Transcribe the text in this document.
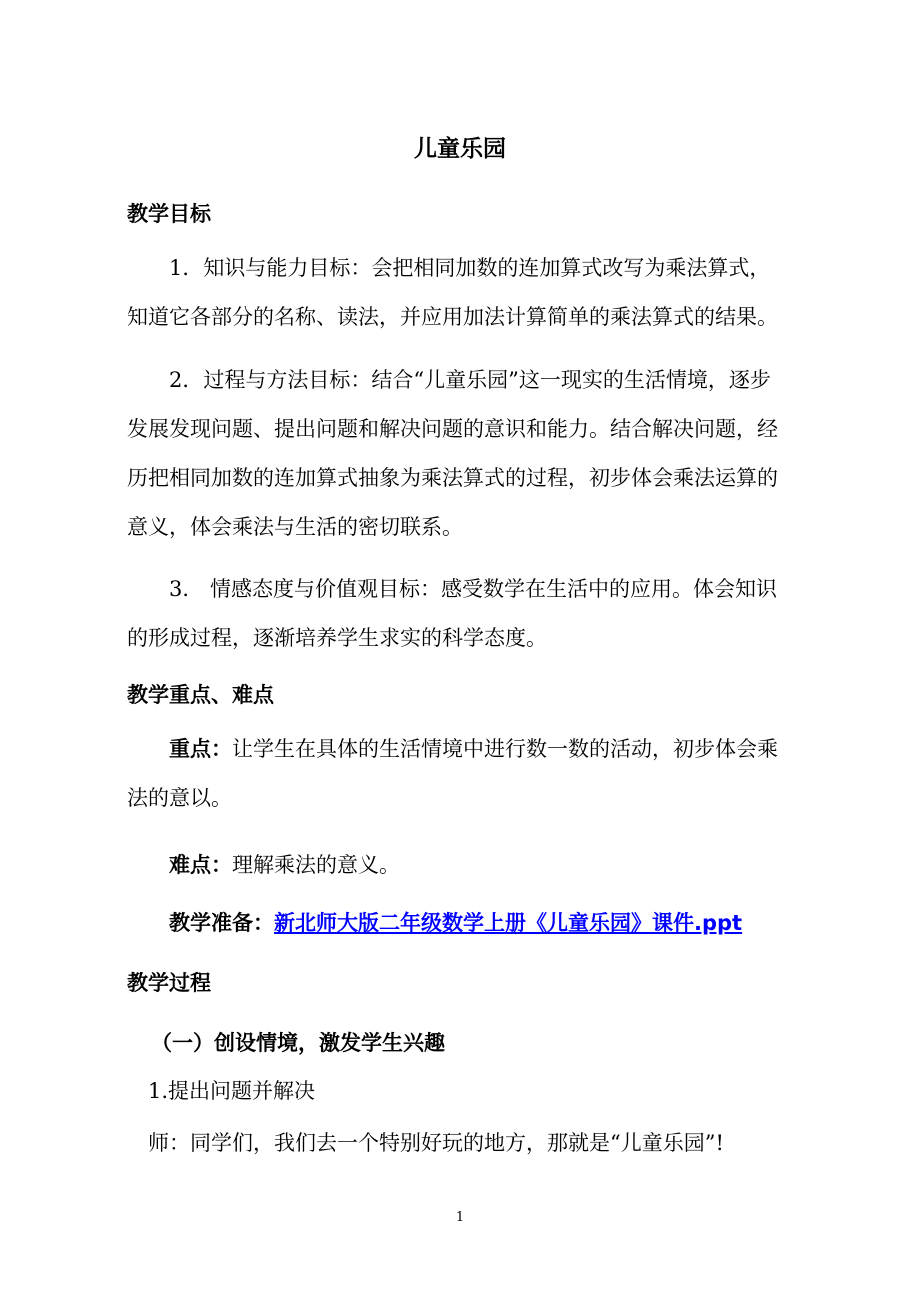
儿童乐园
教学目标
1．知识与能力目标：会把相同加数的连加算式改写为乘法算式，知道它各部分的名称、读法，并应用加法计算简单的乘法算式的结果。
2．过程与方法目标：结合“儿童乐园”这一现实的生活情境，逐步发展发现问题、提出问题和解决问题的意识和能力。结合解决问题，经历把相同加数的连加算式抽象为乘法算式的过程，初步体会乘法运算的意义，体会乘法与生活的密切联系。
3． 情感态度与价值观目标：感受数学在生活中的应用。体会知识的形成过程，逐渐培养学生求实的科学态度。
教学重点、难点
重点：让学生在具体的生活情境中进行数一数的活动，初步体会乘法的意以。
难点：理解乘法的意义。
教学准备：新北师大版二年级数学上册《儿童乐园》课件.ppt
教学过程
（一）创设情境，激发学生兴趣
1.提出问题并解决
师：同学们，我们去一个特别好玩的地方，那就是“儿童乐园”!
1
